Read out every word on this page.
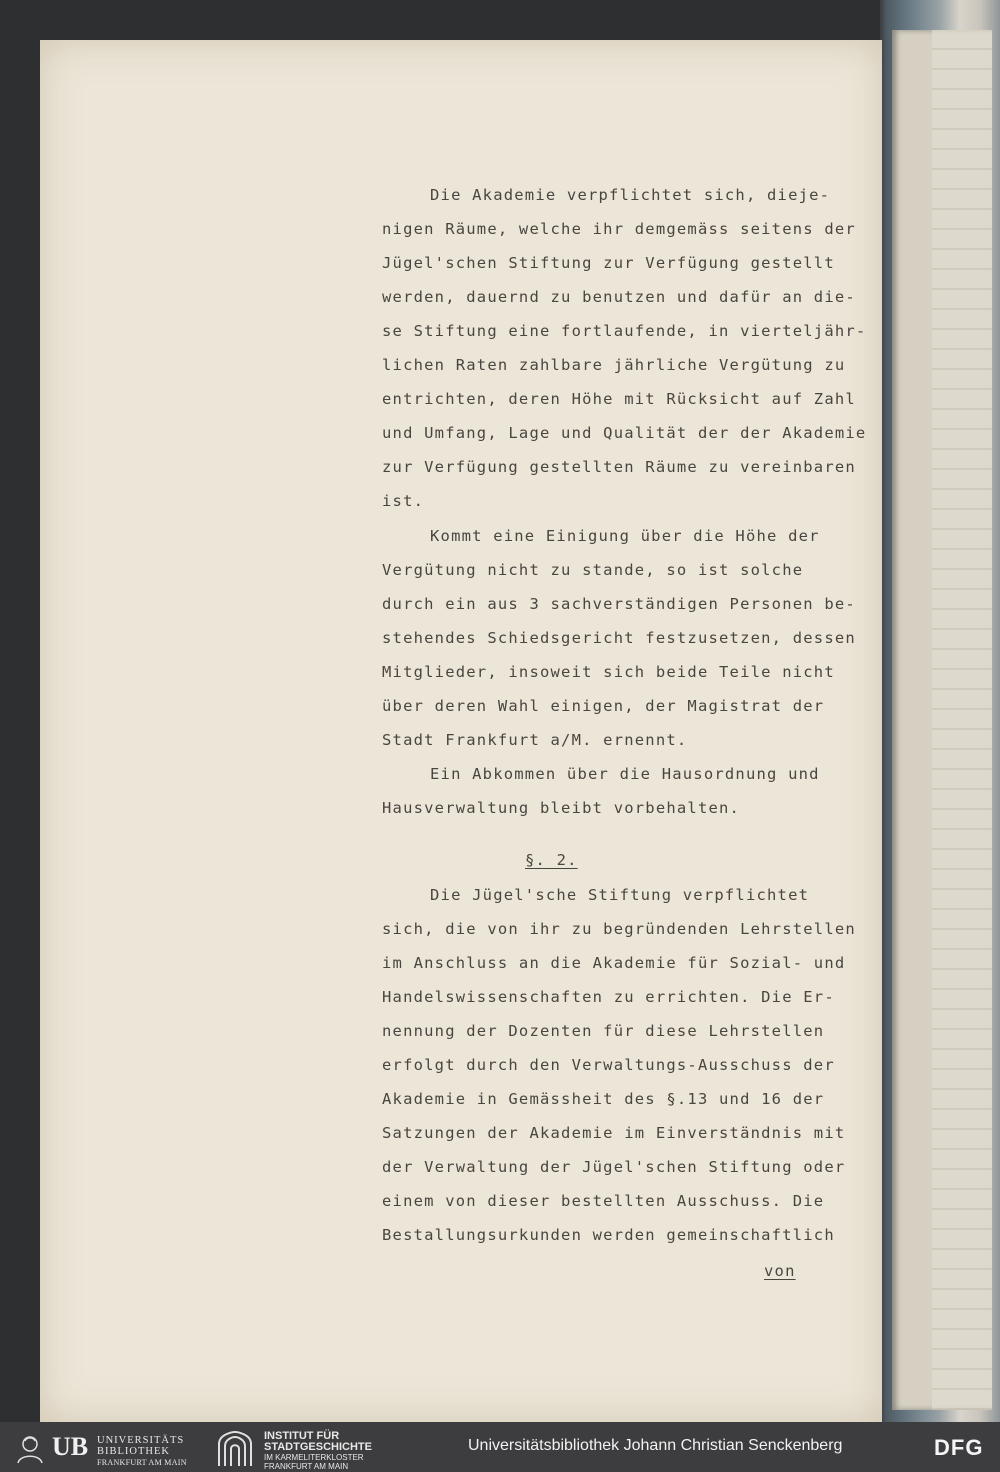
Die Akademie verpflichtet sich, dieje-
nigen Räume, welche ihr demgemäss seitens der
Jügel'schen Stiftung zur Verfügung gestellt
werden, dauernd zu benutzen und dafür an die-
se Stiftung eine fortlaufende, in vierteljähr-
lichen Raten zahlbare jährliche Vergütung zu
entrichten, deren Höhe mit Rücksicht auf Zahl
und Umfang, Lage und Qualität der der Akademie
zur Verfügung gestellten Räume zu vereinbaren
ist.
Kommt eine Einigung über die Höhe der
Vergütung nicht zu stande, so ist solche
durch ein aus 3 sachverständigen Personen be-
stehendes Schiedsgericht festzusetzen, dessen
Mitglieder, insoweit sich beide Teile nicht
über deren Wahl einigen, der Magistrat der
Stadt Frankfurt a/M. ernennt.
Ein Abkommen über die Hausordnung und
Hausverwaltung bleibt vorbehalten.
§. 2.
Die Jügel'sche Stiftung verpflichtet
sich, die von ihr zu begründenden Lehrstellen
im Anschluss an die Akademie für Sozial- und
Handelswissenschaften zu errichten. Die Er-
nennung der Dozenten für diese Lehrstellen
erfolgt durch den Verwaltungs-Ausschuss der
Akademie in Gemässheit des §.13 und 16 der
Satzungen der Akademie im Einverständnis mit
der Verwaltung der Jügel'schen Stiftung oder
einem von dieser bestellten Ausschuss. Die
Bestallungsurkunden werden gemeinschaftlich
von
UB UNIVERSITÄTS
BIBLIOTHEK
FRANKFURT AM MAIN
INSTITUT FÜR
STADTGESCHICHTE
IM KARMELITERKLOSTER
FRANKFURT AM MAIN
Universitätsbibliothek Johann Christian Senckenberg	DFG
